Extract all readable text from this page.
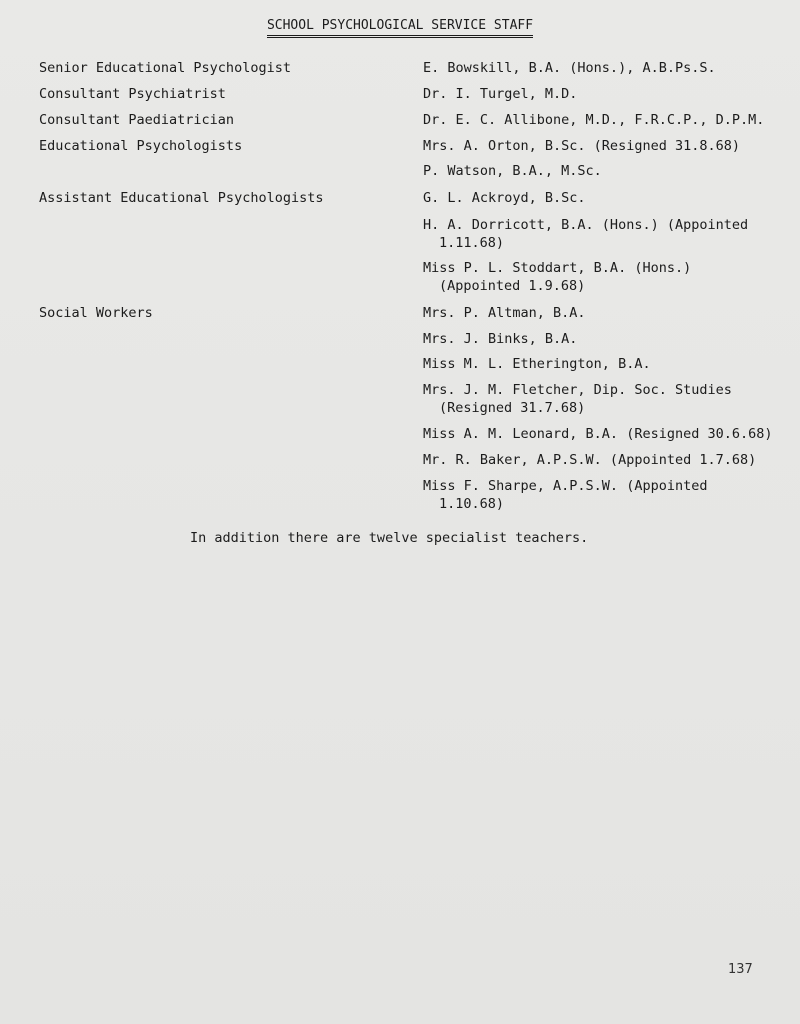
SCHOOL PSYCHOLOGICAL SERVICE STAFF
Senior Educational Psychologist	E. Bowskill, B.A. (Hons.), A.B.Ps.S.
Consultant Psychiatrist	Dr. I. Turgel, M.D.
Consultant Paediatrician	Dr. E. C. Allibone, M.D., F.R.C.P., D.P.M.
Educational Psychologists	Mrs. A. Orton, B.Sc. (Resigned 31.8.68)
P. Watson, B.A., M.Sc.
Assistant Educational Psychologists	G. L. Ackroyd, B.Sc.
H. A. Dorricott, B.A. (Hons.) (Appointed
1.11.68)
Miss P. L. Stoddart, B.A. (Hons.)
(Appointed 1.9.68)
Social Workers	Mrs. P. Altman, B.A.
Mrs. J. Binks, B.A.
Miss M. L. Etherington, B.A.
Mrs. J. M. Fletcher, Dip. Soc. Studies
(Resigned 31.7.68)
Miss A. M. Leonard, B.A. (Resigned 30.6.68)
Mr. R. Baker, A.P.S.W. (Appointed 1.7.68)
Miss F. Sharpe, A.P.S.W. (Appointed
1.10.68)
In addition there are twelve specialist teachers.
137
